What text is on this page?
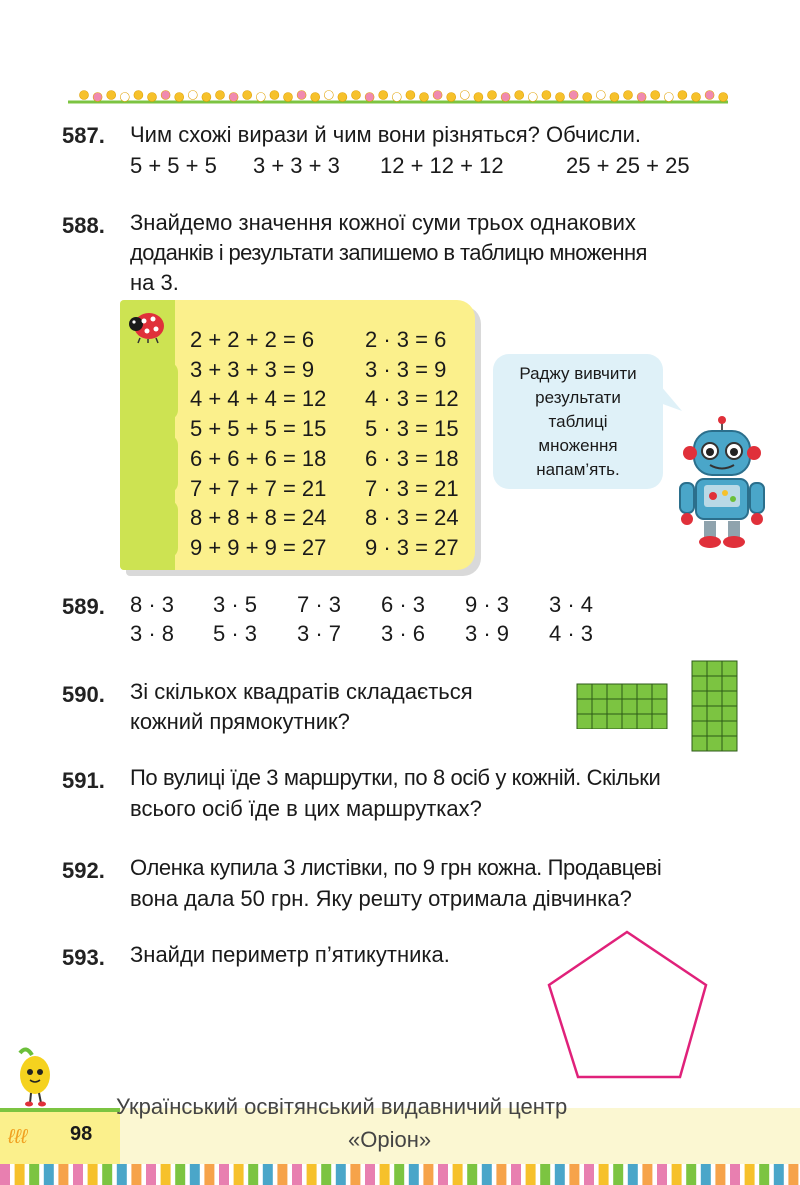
587. Чим схожі вирази й чим вони різняться? Обчисли.
5 + 5 + 5 3 + 3 + 3 12 + 12 + 12	25 + 25 + 25
588. Знайдемо значення кожної суми трьох однакових
доданків і результати запишемо в таблицю множення
на 3.
2 + 2 + 2 = 6
3 + 3 + 3 = 9
4 + 4 + 4 = 12
5 + 5 + 5 = 15
6 + 6 + 6 = 18
7 + 7 + 7 = 21
8 + 8 + 8 = 24
9 + 9 + 9 = 27
2 · 3 = 6
3 · 3 = 9
4 · 3 = 12
5 · 3 = 15
6 · 3 = 18
7 · 3 = 21
8 · 3 = 24
9 · 3 = 27
Раджу вивчити
результати
таблиці
множення
напам’ять.
589. 8 · 3 3 · 5 7 · 3 6 · 3 9 · 3 3 · 4
3 · 8 5 · 3 3 · 7 3 · 6 3 · 9 4 · 3
590. Зі скількох квадратів складається
кожний прямокутник?
591. По вулиці їде 3 маршрутки, по 8 осіб у кожній. Скільки
всього осіб їде в цих маршрутках?
592. Оленка купила 3 листівки, по 9 грн кожна. Продавцеві
вона дала 50 грн. Яку решту отримала дівчинка?
593. Знайди периметр п’ятикутника.
ℓℓℓ 98
Український освітянський видавничий центр
«Оріон»
